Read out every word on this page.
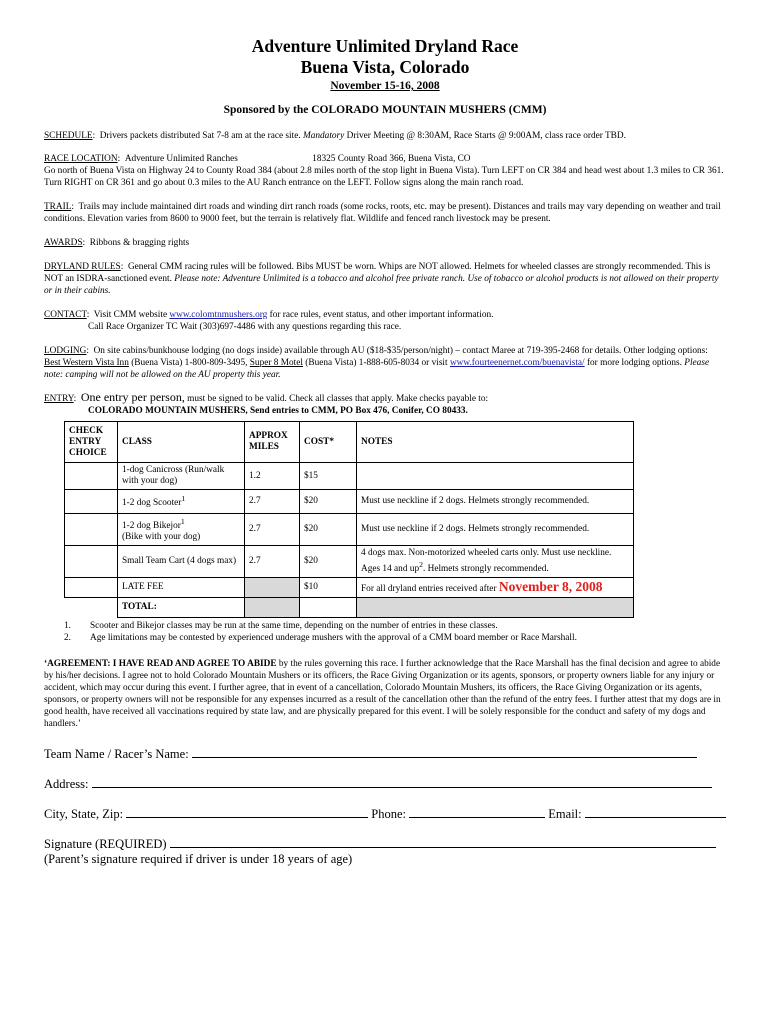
Adventure Unlimited Dryland Race
Buena Vista, Colorado
November 15-16, 2008
Sponsored by the COLORADO MOUNTAIN MUSHERS (CMM)
SCHEDULE:  Drivers packets distributed Sat 7-8 am at the race site. Mandatory Driver Meeting @ 8:30AM, Race Starts @ 9:00AM, class race order TBD.
RACE LOCATION:  Adventure Unlimited Ranches	18325 County Road 366, Buena Vista, CO
Go north of Buena Vista on Highway 24 to County Road 384 (about 2.8 miles north of the stop light in Buena Vista). Turn LEFT on CR 384 and head west about 1.3 miles to CR 361. Turn RIGHT on CR 361 and go about 0.3 miles to the AU Ranch entrance on the LEFT. Follow signs along the main ranch road.
TRAIL:  Trails may include maintained dirt roads and winding dirt ranch roads (some rocks, roots, etc. may be present). Distances and trails may vary depending on weather and trail conditions. Elevation varies from 8600 to 9000 feet, but the terrain is relatively flat. Wildlife and fenced ranch livestock may be present.
AWARDS:  Ribbons & bragging rights
DRYLAND RULES:  General CMM racing rules will be followed. Bibs MUST be worn. Whips are NOT allowed. Helmets for wheeled classes are strongly recommended. This is NOT an ISDRA-sanctioned event. Please note: Adventure Unlimited is a tobacco and alcohol free private ranch. Use of tobacco or alcohol products is not allowed on their property or in their cabins.
CONTACT:  Visit CMM website www.colomtnmushers.org for race rules, event status, and other important information.
Call Race Organizer TC Wait (303)697-4486 with any questions regarding this race.
LODGING:  On site cabins/bunkhouse lodging (no dogs inside) available through AU ($18-$35/person/night) – contact Maree at 719-395-2468 for details. Other lodging options: Best Western Vista Inn (Buena Vista) 1-800-809-3495, Super 8 Motel (Buena Vista) 1-888-605-8034 or visit www.fourteenernet.com/buenavista/ for more lodging options. Please note: camping will not be allowed on the AU property this year.
ENTRY:  One entry per person, must be signed to be valid. Check all classes that apply. Make checks payable to:
COLORADO MOUNTAIN MUSHERS, Send entries to CMM, PO Box 476, Conifer, CO 80433.
CHECK ENTRY CHOICE	CLASS	APPROX MILES	COST*	NOTES
	1-dog Canicross (Run/walk with your dog)	1.2	$15	
	1-2 dog Scooter$^1$	2.7	$20	Must use neckline if 2 dogs. Helmets strongly recommended.
	1-2 dog Bikejor$^1$
(Bike with your dog)	2.7	$20	Must use neckline if 2 dogs. Helmets strongly recommended.
	Small Team Cart (4 dogs max)	2.7	$20	4 dogs max. Non-motorized wheeled carts only. Must use neckline. Ages 14 and $up^2$. Helmets strongly recommended.
	LATE FEE		$10	For all dryland entries received after November 8, 2008
	TOTAL:			
1.	Scooter and Bikejor classes may be run at the same time, depending on the number of entries in these classes.
2.	Age limitations may be contested by experienced underage mushers with the approval of a CMM board member or Race Marshall.
‘AGREEMENT: I HAVE READ AND AGREE TO ABIDE by the rules governing this race. I further acknowledge that the Race Marshall has the final decision and agree to abide by his/her decisions. I agree not to hold Colorado Mountain Mushers or its officers, the Race Giving Organization or its agents, sponsors, or property owners liable for any injury or accident, which may occur during this event. I further agree, that in event of a cancellation, Colorado Mountain Mushers, its officers, the Race Giving Organization or its agents, sponsors, or property owners will not be responsible for any expenses incurred as a result of the cancellation other than the refund of the entry fees. I further attest that my dogs are in good health, have received all vaccinations required by state law, and are physically prepared for this event. I will be solely responsible for the conduct and safety of my dogs and handlers.’
Team Name / Racer’s Name:
Address:
City, State, Zip:	Phone:	Email:
Signature (REQUIRED)
(Parent’s signature required if driver is under 18 years of age)
